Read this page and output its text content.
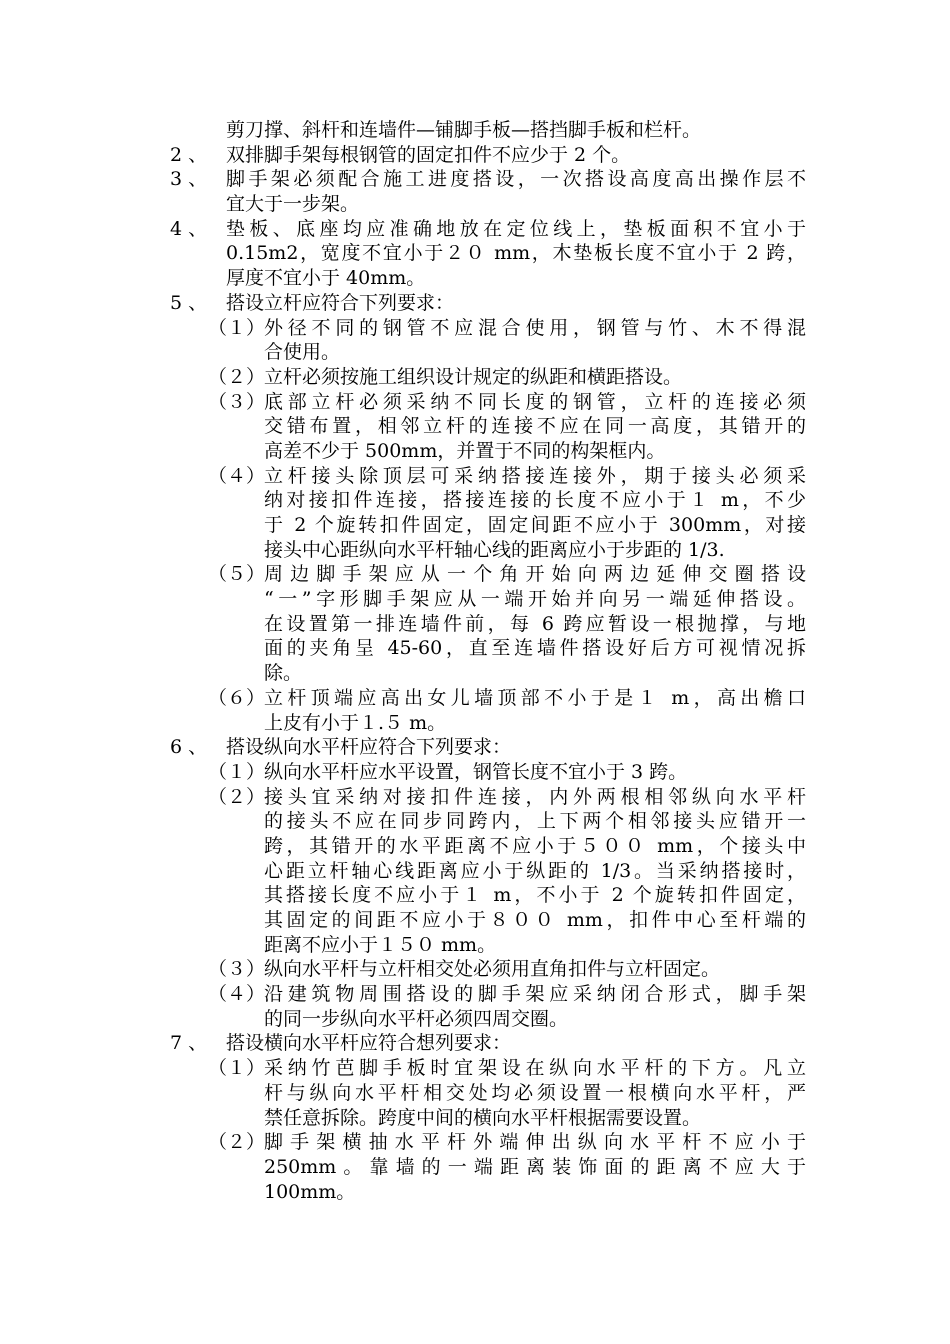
剪刀撑、斜杆和连墙件—铺脚手板—搭挡脚手板和栏杆。
2 、 双排脚手架每根钢管的固定扣件不应少于 2 个。
3 、 脚手架必须配合施工进度搭设，一次搭设高度高出操作层不
宜大于一步架。
4 、 垫板、底座均应准确地放在定位线上，垫板面积不宜小于
0.15m2，宽度不宜小于２０ mm，木垫板长度不宜小于 2 跨，
厚度不宜小于 40mm。
5 、 搭设立杆应符合下列要求：
（１）
外径不同的钢管不应混合使用，钢管与竹、木不得混
合使用。
（２）
立杆必须按施工组织设计规定的纵距和横距搭设。
（３）
底部立杆必须采纳不同长度的钢管，立杆的连接必须
交错布置，相邻立杆的连接不应在同一高度，其错开的
高差不少于 500mm，并置于不同的构架框内。
（４）
立杆接头除顶层可采纳搭接连接外，期于接头必须采
纳对接扣件连接，搭接连接的长度不应小于１ m，不少
于 2 个旋转扣件固定，固定间距不应小于 300mm，对接
接头中心距纵向水平杆轴心线的距离应小于步距的 1/3.
（５）
周边脚手架应从一个角开始向两边延伸交圈搭设
“一”字形脚手架应从一端开始并向另一端延伸搭设。
在设置第一排连墙件前，每 6 跨应暂设一根抛撑，与地
面的夹角呈 45-60，直至连墙件搭设好后方可视情况拆
除。
（６）
立杆顶端应高出女儿墙顶部不小于是１ m，高出檐口
上皮有小于１.５ m。
6 、 搭设纵向水平杆应符合下列要求：
（１）
纵向水平杆应水平设置，钢管长度不宜小于 3 跨。
（２）
接头宜采纳对接扣件连接，内外两根相邻纵向水平杆
的接头不应在同步同跨内，上下两个相邻接头应错开一
跨，其错开的水平距离不应小于５００ mm，个接头中
心距立杆轴心线距离应小于纵距的 1/3。当采纳搭接时，
其搭接长度不应小于１ m，不小于 2 个旋转扣件固定，
其固定的间距不应小于８００ mm，扣件中心至杆端的
距离不应小于１５０ mm。
（３）
纵向水平杆与立杆相交处必须用直角扣件与立杆固定。
（４）
沿建筑物周围搭设的脚手架应采纳闭合形式，脚手架
的同一步纵向水平杆必须四周交圈。
7 、 搭设横向水平杆应符合想列要求：
（１）
采纳竹芭脚手板时宜架设在纵向水平杆的下方。凡立
杆与纵向水平杆相交处均必须设置一根横向水平杆，严
禁任意拆除。跨度中间的横向水平杆根据需要设置。
（２）
脚手架横抽水平杆外端伸出纵向水平杆不应小于
250mm。靠墙的一端距离装饰面的距离不应大于
100mm。
